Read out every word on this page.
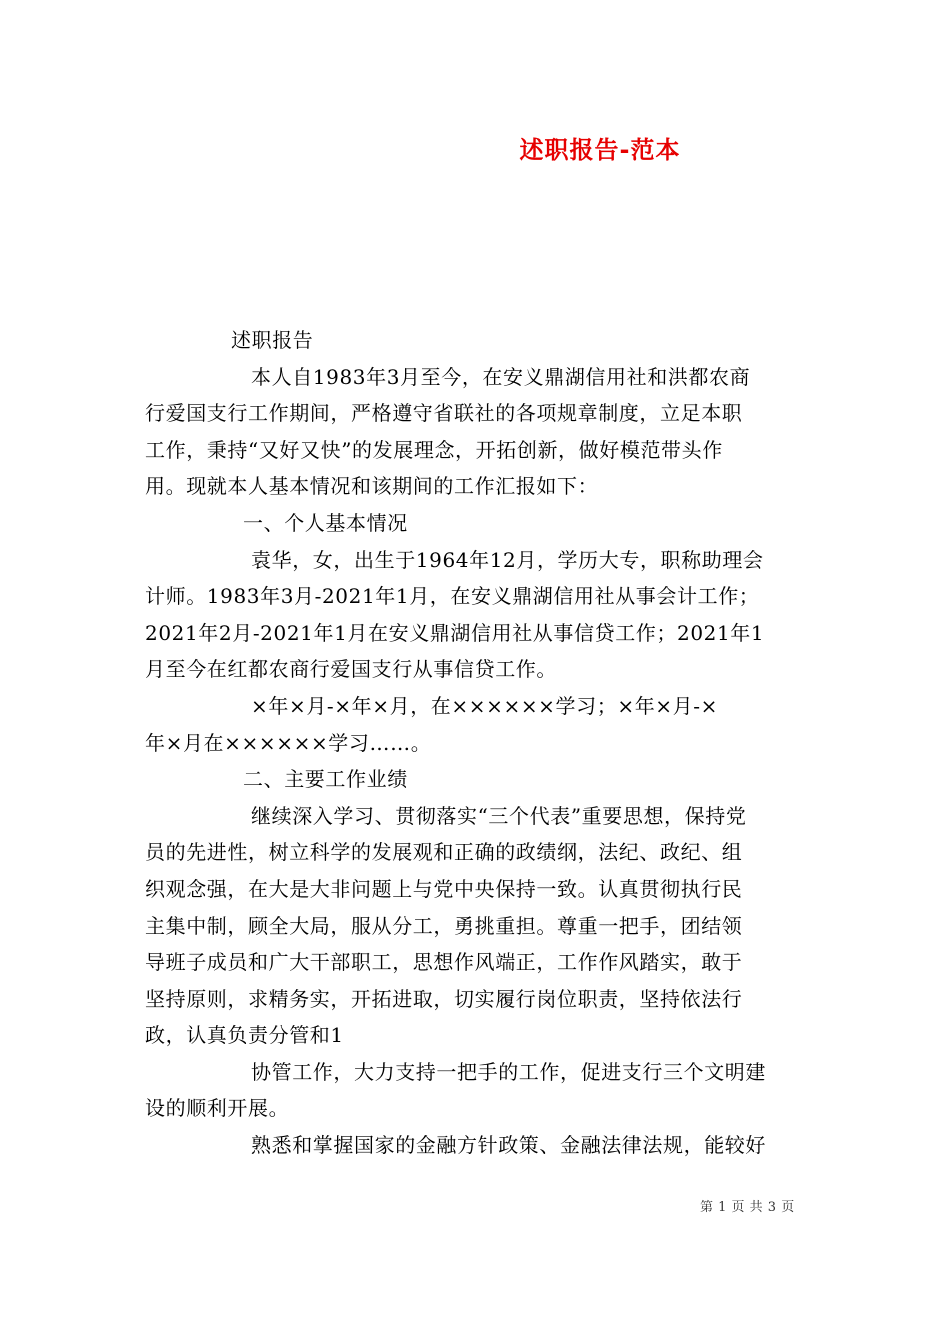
述职报告-范本
述职报告
本人自1983年3月至今，在安义鼎湖信用社和洪都农商
行爱国支行工作期间，严格遵守省联社的各项规章制度，立足本职
工作，秉持“又好又快”的发展理念，开拓创新，做好模范带头作
用。现就本人基本情况和该期间的工作汇报如下：
一、个人基本情况
袁华，女，出生于1964年12月，学历大专，职称助理会
计师。1983年3月-2021年1月，在安义鼎湖信用社从事会计工作；
2021年2月-2021年1月在安义鼎湖信用社从事信贷工作；2021年1
月至今在红都农商行爱国支行从事信贷工作。
×年×月-×年×月，在××××××学习；×年×月-×
年×月在××××××学习……。
二、主要工作业绩
继续深入学习、贯彻落实“三个代表”重要思想，保持党
员的先进性，树立科学的发展观和正确的政绩纲，法纪、政纪、组
织观念强，在大是大非问题上与党中央保持一致。认真贯彻执行民
主集中制，顾全大局，服从分工，勇挑重担。尊重一把手，团结领
导班子成员和广大干部职工，思想作风端正，工作作风踏实，敢于
坚持原则，求精务实，开拓进取，切实履行岗位职责，坚持依法行
政，认真负责分管和1
协管工作，大力支持一把手的工作，促进支行三个文明建
设的顺利开展。
熟悉和掌握国家的金融方针政策、金融法律法规，能较好
第 1 页 共 3 页
